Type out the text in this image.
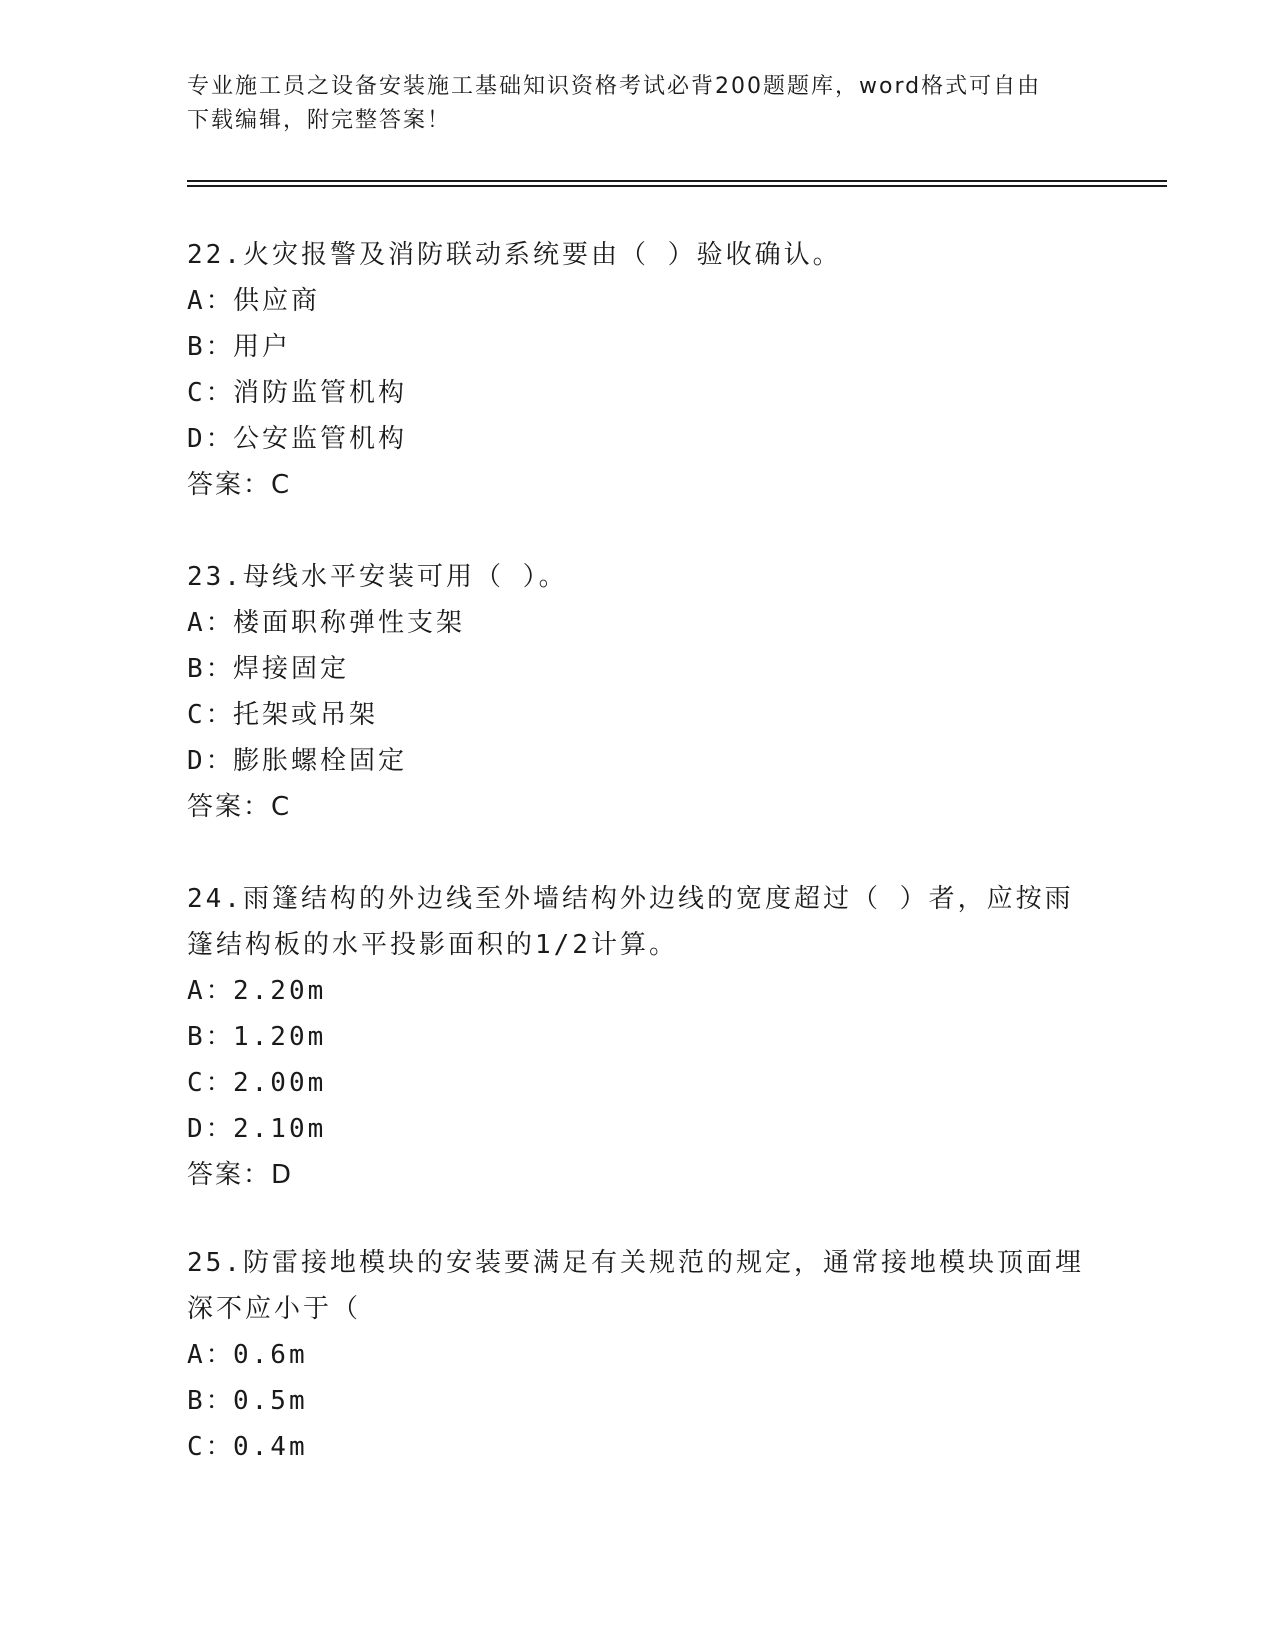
专业施工员之设备安装施工基础知识资格考试必背200题题库，word格式可自由
下载编辑，附完整答案！

22.火灾报警及消防联动系统要由（ ）验收确认。

A：
供应商

B：
用户

C：
消防监管机构

D：
公安监管机构

答案：C

23.母线水平安装可用（ ）。

A：
楼面职称弹性支架

B：
焊接固定

C：
托架或吊架

D：
膨胀螺栓固定

答案：C

24.雨篷结构的外边线至外墙结构外边线的宽度超过（ ）者，应按雨

篷结构板的水平投影面积的1/2计算。

A：
2.20m

B：
1.20m

C：
2.00m

D：
2.10m

答案：D

25.防雷接地模块的安装要满足有关规范的规定，通常接地模块顶面埋

深不应小于（

A：
0.6m

B：
0.5m

C：
0.4m
